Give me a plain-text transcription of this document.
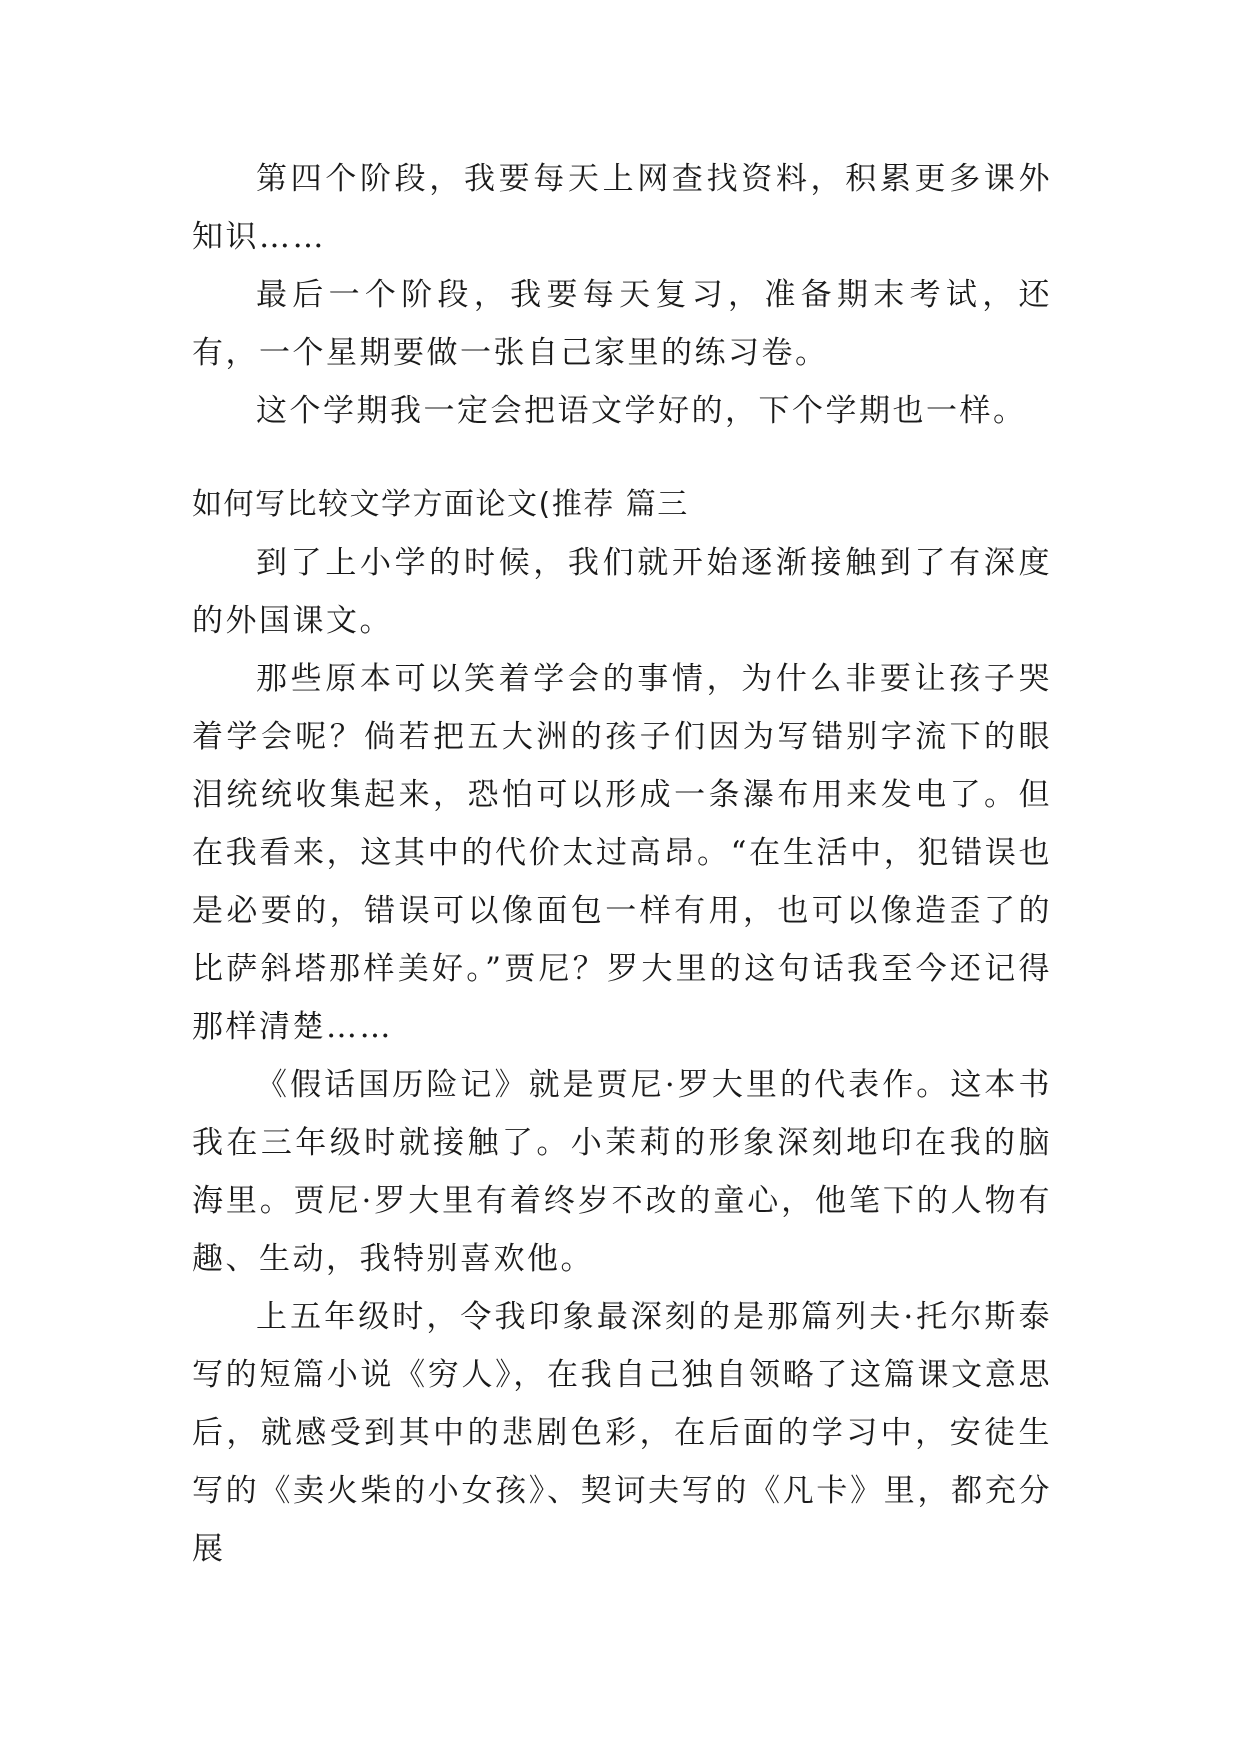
第四个阶段，我要每天上网查找资料，积累更多课外知识……

最后一个阶段，我要每天复习，准备期末考试，还有，一个星期要做一张自己家里的练习卷。

这个学期我一定会把语文学好的，下个学期也一样。

如何写比较文学方面论文(推荐 篇三

到了上小学的时候，我们就开始逐渐接触到了有深度的外国课文。

那些原本可以笑着学会的事情，为什么非要让孩子哭着学会呢？倘若把五大洲的孩子们因为写错别字流下的眼泪统统收集起来，恐怕可以形成一条瀑布用来发电了。但在我看来，这其中的代价太过高昂。“在生活中，犯错误也是必要的，错误可以像面包一样有用，也可以像造歪了的比萨斜塔那样美好。”贾尼？罗大里的这句话我至今还记得那样清楚……

《假话国历险记》就是贾尼·罗大里的代表作。这本书我在三年级时就接触了。小茉莉的形象深刻地印在我的脑海里。贾尼·罗大里有着终岁不改的童心，他笔下的人物有趣、生动，我特别喜欢他。

上五年级时，令我印象最深刻的是那篇列夫·托尔斯泰写的短篇小说《穷人》，在我自己独自领略了这篇课文意思后，就感受到其中的悲剧色彩，在后面的学习中，安徒生写的《卖火柴的小女孩》、契诃夫写的《凡卡》里，都充分展
